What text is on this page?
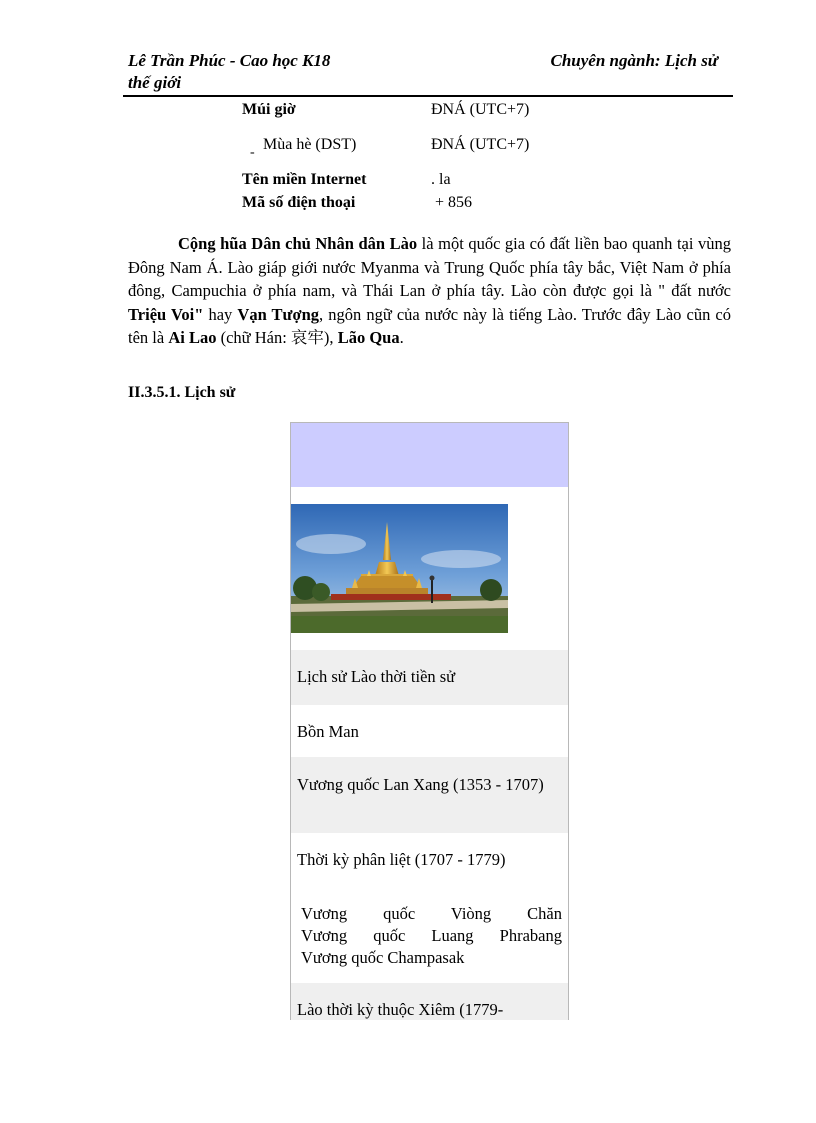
Lê Trần Phúc - Cao học K18
thế giới
Chuyên ngành: Lịch sử
Múi giờ	ĐNÁ (UTC+7)
- Mùa hè (DST)	ĐNÁ (UTC+7)
Tên miền Internet	. la
Mã số điện thoại	+ 856
Cộng hũa Dân chủ Nhân dân Lào là một quốc gia có đất liền bao quanh tại vùng Đông Nam Á. Lào giáp giới nước Myanma và Trung Quốc phía tây bắc, Việt Nam ở phía đông, Campuchia ở phía nam, và Thái Lan ở phía tây. Lào còn được gọi là " đất nước Triệu Voi" hay Vạn Tượng, ngôn ngữ của nước này là tiếng Lào. Trước đây Lào cũn có tên là Ai Lao (chữ Hán: 哀牢), Lão Qua.
II.3.5.1. Lịch sử

Lịch sử Lào thời tiền sử

Bồn Man

Vương quốc Lan Xang (1353 - 1707)

Thời kỳ phân liệt (1707 - 1779)

Vương quốc Viòng Chăn

Vương quốc Luang Phrabang

Vương quốc Champasak

Lào thời kỳ thuộc Xiêm (1779-
